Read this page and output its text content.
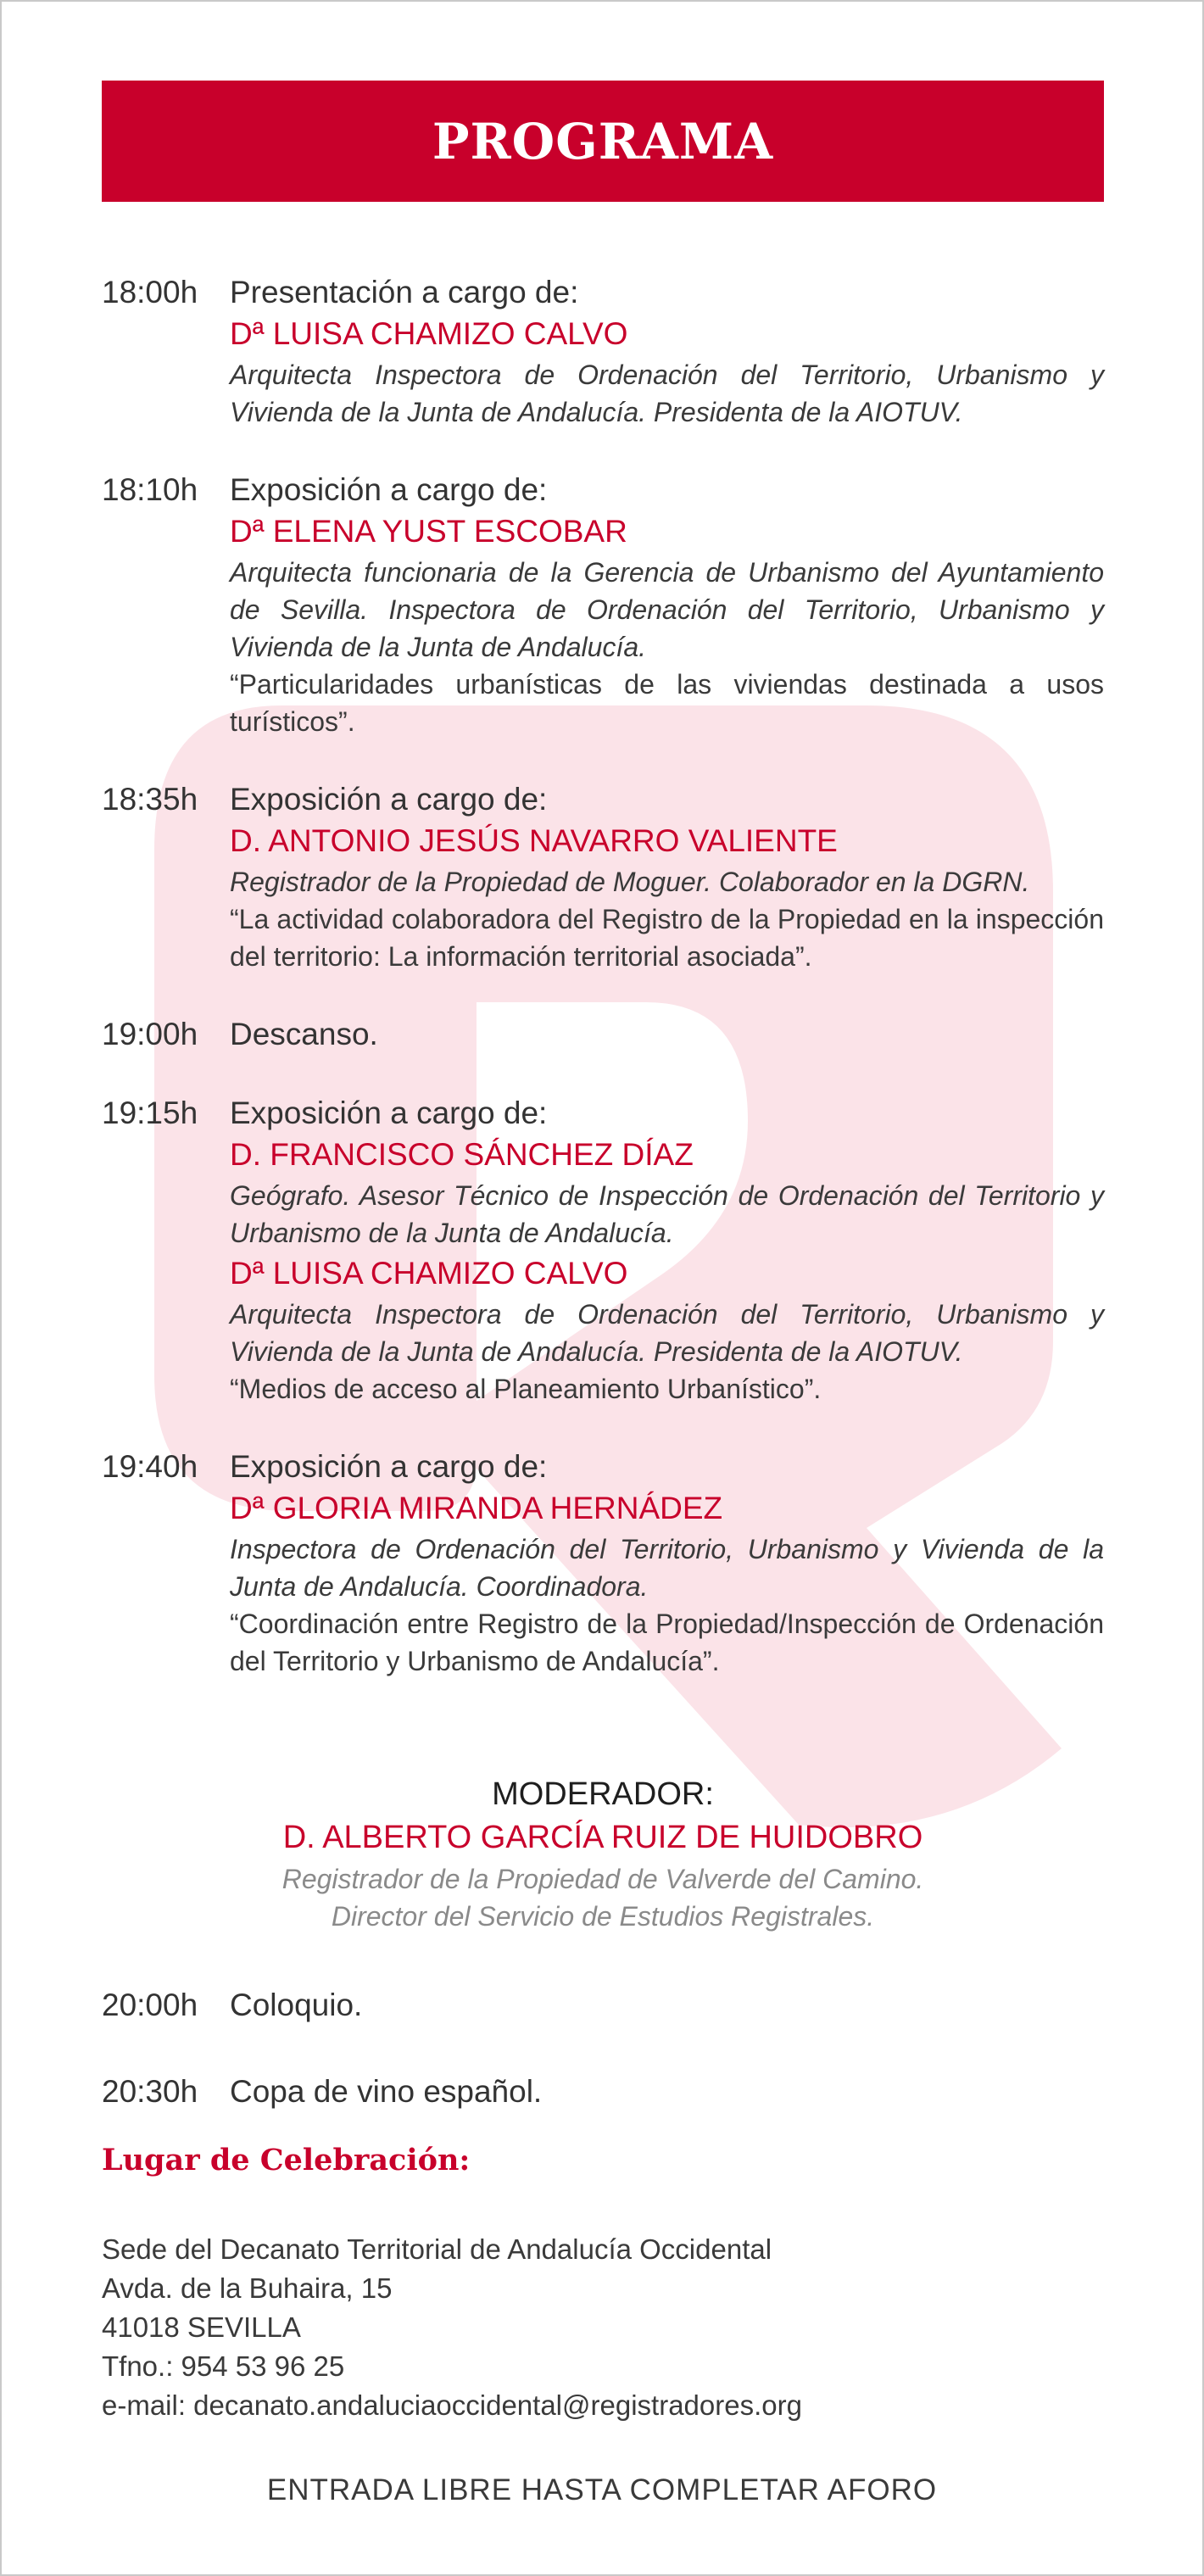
PROGRAMA
18:00h	Presentación a cargo de:
Dª LUISA CHAMIZO CALVO
Arquitecta Inspectora de Ordenación del Territorio, Urbanismo y Vivienda de la Junta de Andalucía. Presidenta de la AIOTUV.
18:10h	Exposición a cargo de:
Dª ELENA YUST ESCOBAR
Arquitecta funcionaria de la Gerencia de Urbanismo del Ayuntamiento de Sevilla. Inspectora de Ordenación del Territorio, Urbanismo y Vivienda de la Junta de Andalucía.
“Particularidades urbanísticas de las viviendas destinada a usos turísticos”.
18:35h	Exposición a cargo de:
D. ANTONIO JESÚS NAVARRO VALIENTE
Registrador de la Propiedad de Moguer. Colaborador en la DGRN.
“La actividad colaboradora del Registro de la Propiedad en la inspección del territorio: La información territorial asociada”.
19:00h	Descanso.
19:15h	Exposición a cargo de:
D. FRANCISCO SÁNCHEZ DÍAZ
Geógrafo. Asesor Técnico de Inspección de Ordenación del Territorio y Urbanismo de la Junta de Andalucía.
Dª LUISA CHAMIZO CALVO
Arquitecta Inspectora de Ordenación del Territorio, Urbanismo y Vivienda de la Junta de Andalucía. Presidenta de la AIOTUV.
“Medios de acceso al Planeamiento Urbanístico”.
19:40h	Exposición a cargo de:
Dª GLORIA MIRANDA HERNÁDEZ
Inspectora de Ordenación del Territorio, Urbanismo y Vivienda de la Junta de Andalucía. Coordinadora.
“Coordinación entre Registro de la Propiedad/Inspección de Ordenación del Territorio y Urbanismo de Andalucía”.
MODERADOR:
D. ALBERTO GARCÍA RUIZ DE HUIDOBRO
Registrador de la Propiedad de Valverde del Camino.
Director del Servicio de Estudios Registrales.
20:00h	Coloquio.
20:30h	Copa de vino español.
Lugar de Celebración:
Sede del Decanato Territorial de Andalucía Occidental
Avda. de la Buhaira, 15
41018 SEVILLA
Tfno.: 954 53 96 25
e-mail: decanato.andaluciaoccidental@registradores.org
ENTRADA LIBRE HASTA COMPLETAR AFORO
